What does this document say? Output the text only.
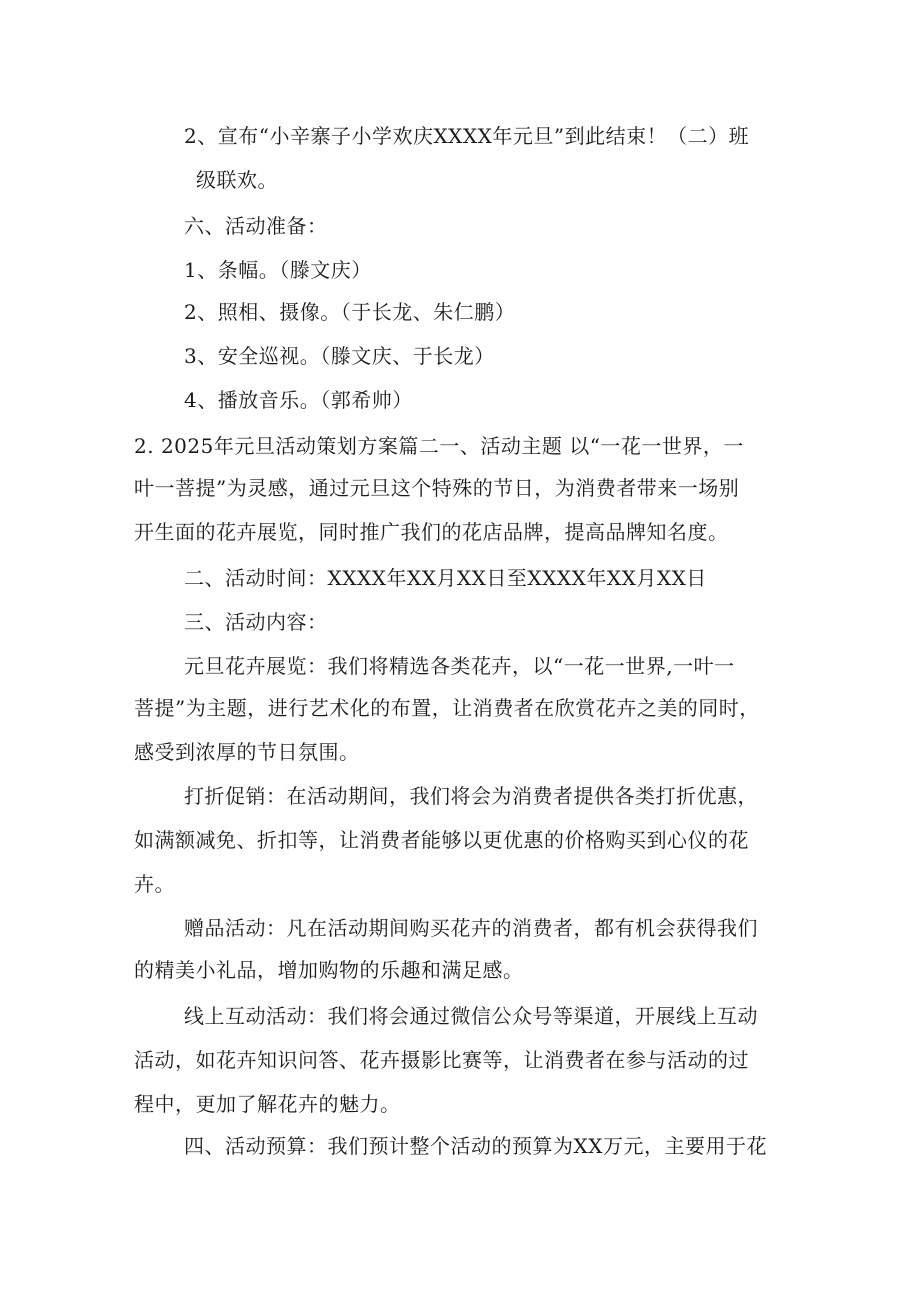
2、宣布“小辛寨子小学欢庆XXXX年元旦”到此结束！（二）班
级联欢。
六、活动准备：
1、条幅。（滕文庆）
2、照相、摄像。（于长龙、朱仁鹏）
3、安全巡视。（滕文庆、于长龙）
4、播放音乐。（郭希帅）
2. 2025年元旦活动策划方案篇二一、活动主题 以“一花一世界，一
叶一菩提”为灵感，通过元旦这个特殊的节日，为消费者带来一场别
开生面的花卉展览，同时推广我们的花店品牌，提高品牌知名度。
二、活动时间：XXXX年XX月XX日至XXXX年XX月XX日
三、活动内容：
元旦花卉展览：我们将精选各类花卉，以“一花一世界,一叶一
菩提”为主题，进行艺术化的布置，让消费者在欣赏花卉之美的同时，
感受到浓厚的节日氛围。
打折促销：在活动期间，我们将会为消费者提供各类打折优惠，
如满额减免、折扣等，让消费者能够以更优惠的价格购买到心仪的花
卉。
赠品活动：凡在活动期间购买花卉的消费者，都有机会获得我们
的精美小礼品，增加购物的乐趣和满足感。
线上互动活动：我们将会通过微信公众号等渠道，开展线上互动
活动，如花卉知识问答、花卉摄影比赛等，让消费者在参与活动的过
程中，更加了解花卉的魅力。
四、活动预算：我们预计整个活动的预算为XX万元，主要用于花
